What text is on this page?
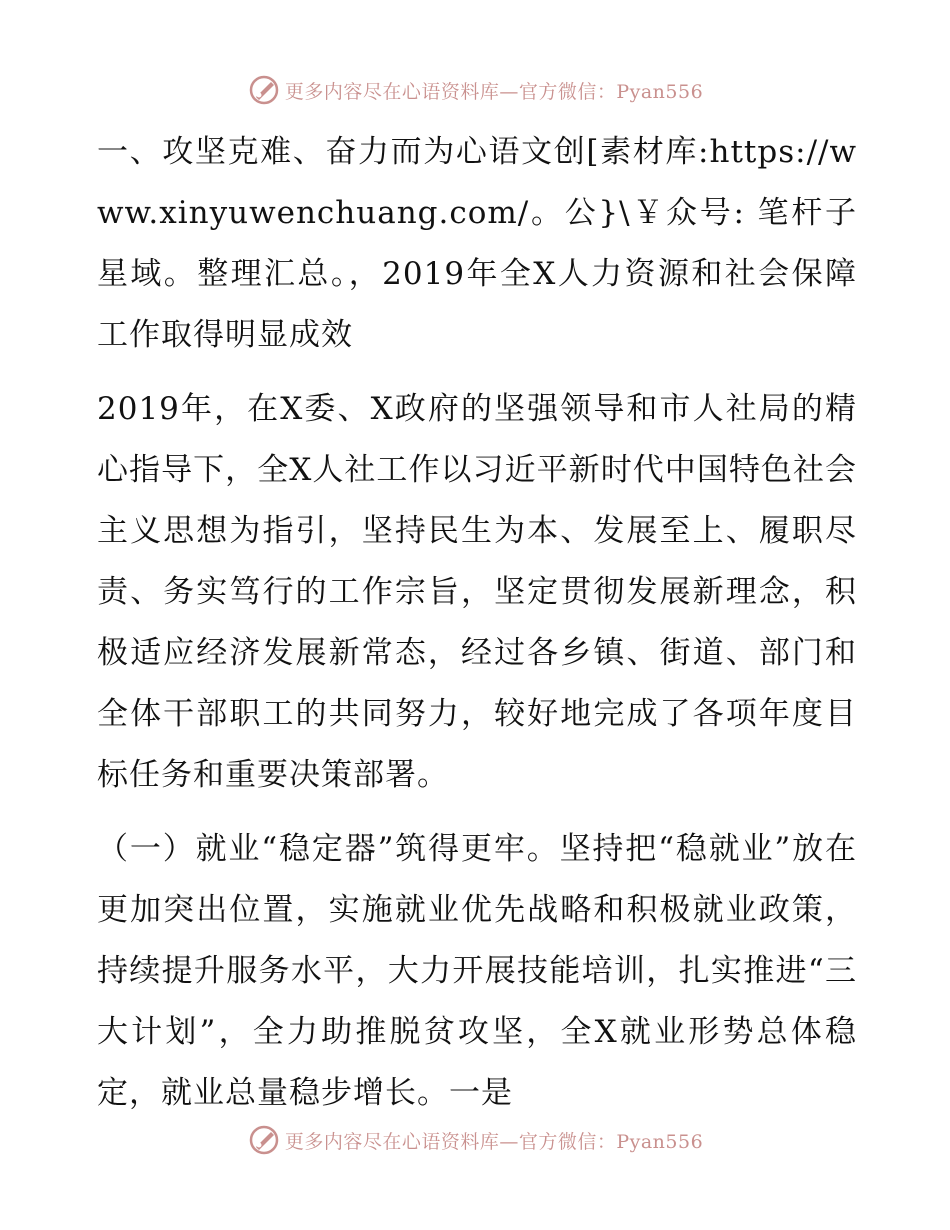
更多内容尽在心语资料库—官方微信：Pyan556

一、攻坚克难、奋力而为心语文创[素材库:https://www.xinyuwenchuang.com/。公}\￥众号: 笔杆子星域。整理汇总。，2019年全X人力资源和社会保障工作取得明显成效

2019年，在X委、X政府的坚强领导和市人社局的精心指导下，全X人社工作以习近平新时代中国特色社会主义思想为指引，坚持民生为本、发展至上、履职尽责、务实笃行的工作宗旨，坚定贯彻发展新理念，积极适应经济发展新常态，经过各乡镇、街道、部门和全体干部职工的共同努力，较好地完成了各项年度目标任务和重要决策部署。

（一）就业“稳定器”筑得更牢。坚持把“稳就业”放在更加突出位置，实施就业优先战略和积极就业政策，持续提升服务水平，大力开展技能培训，扎实推进“三大计划”，全力助推脱贫攻坚，全X就业形势总体稳定，就业总量稳步增长。一是

更多内容尽在心语资料库—官方微信：Pyan556
